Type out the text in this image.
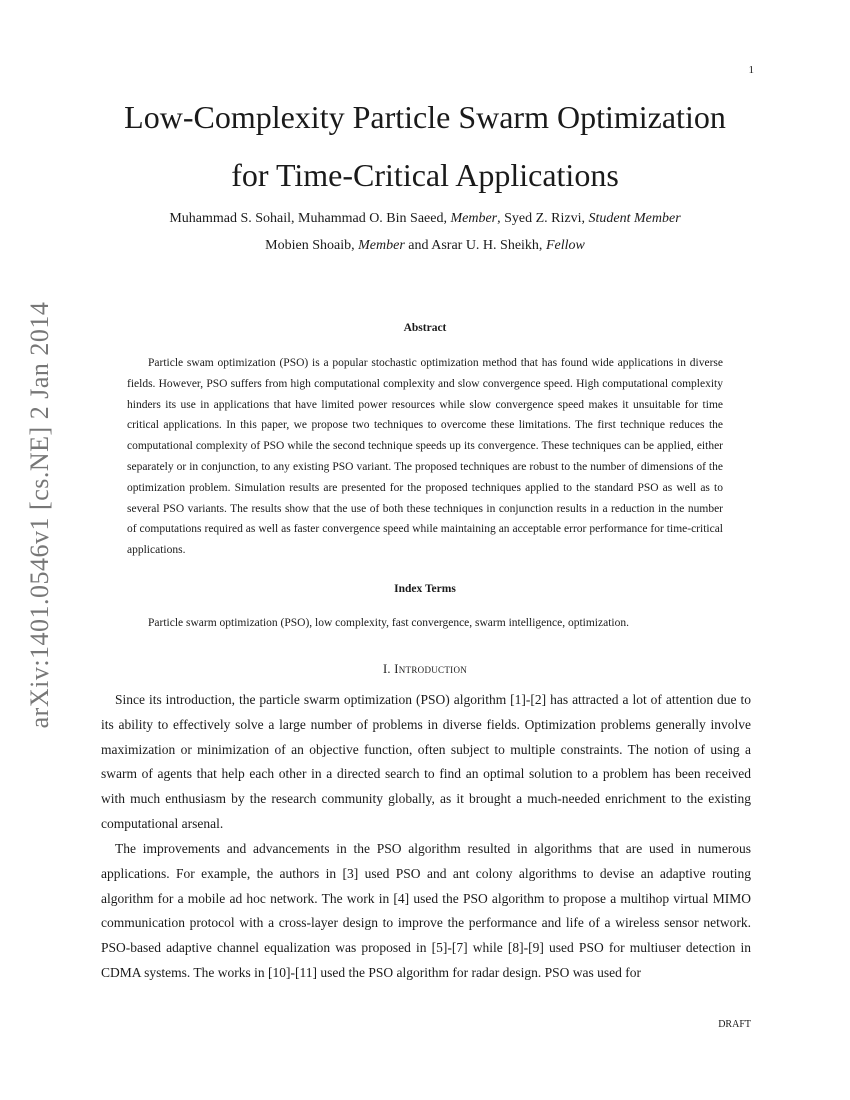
1
Low-Complexity Particle Swarm Optimization
for Time-Critical Applications
Muhammad S. Sohail, Muhammad O. Bin Saeed, Member, Syed Z. Rizvi, Student Member
Mobien Shoaib, Member and Asrar U. H. Sheikh, Fellow
arXiv:1401.0546v1 [cs.NE] 2 Jan 2014	Abstract

Particle swam optimization (PSO) is a popular stochastic optimization method that has found wide applications in diverse fields. However, PSO suffers from high computational complexity and slow convergence speed. High computational complexity hinders its use in applications that have limited power resources while slow convergence speed makes it unsuitable for time critical applications. In this paper, we propose two techniques to overcome these limitations. The first technique reduces the computational complexity of PSO while the second technique speeds up its convergence. These techniques can be applied, either separately or in conjunction, to any existing PSO variant. The proposed techniques are robust to the number of dimensions of the optimization problem. Simulation results are presented for the proposed techniques applied to the standard PSO as well as to several PSO variants. The results show that the use of both these techniques in conjunction results in a reduction in the number of computations required as well as faster convergence speed while maintaining an acceptable error performance for time-critical applications.

Index Terms

Particle swarm optimization (PSO), low complexity, fast convergence, swarm intelligence, optimization.

I. Introduction

Since its introduction, the particle swarm optimization (PSO) algorithm [1]-[2] has attracted a lot of attention due to its ability to effectively solve a large number of problems in diverse fields. Optimization problems generally involve maximization or minimization of an objective function, often subject to multiple constraints. The notion of using a swarm of agents that help each other in a directed search to find an optimal solution to a problem has been received with much enthusiasm by the research community globally, as it brought a much-needed enrichment to the existing computational arsenal.

The improvements and advancements in the PSO algorithm resulted in algorithms that are used in numerous applications. For example, the authors in [3] used PSO and ant colony algorithms to devise an adaptive routing algorithm for a mobile ad hoc network. The work in [4] used the PSO algorithm to propose a multihop virtual MIMO communication protocol with a cross-layer design to improve the performance and life of a wireless sensor network. PSO-based adaptive channel equalization was proposed in [5]-[7] while [8]-[9] used PSO for multiuser detection in CDMA systems. The works in [10]-[11] used the PSO algorithm for radar design. PSO was used for

DRAFT
